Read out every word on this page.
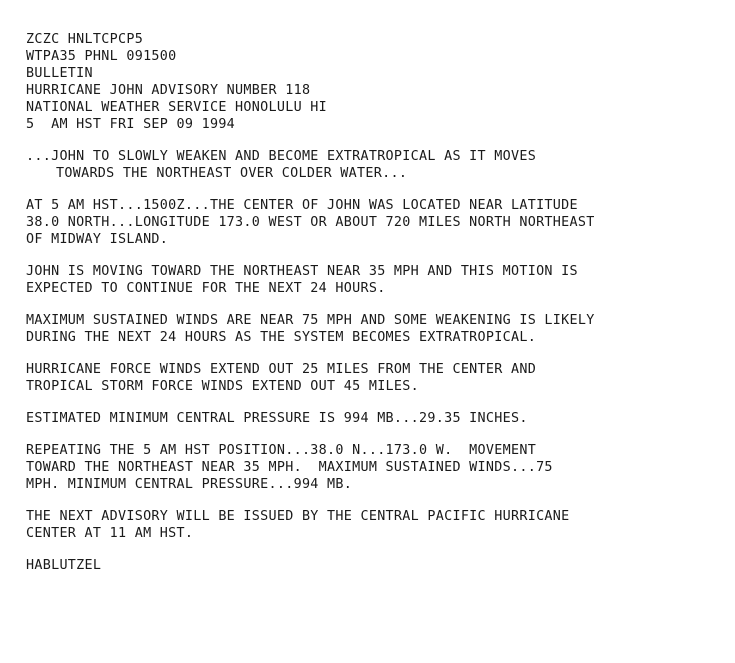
ZCZC HNLTCPCP5
WTPA35 PHNL 091500
BULLETIN
HURRICANE JOHN ADVISORY NUMBER 118
NATIONAL WEATHER SERVICE HONOLULU HI
5  AM HST FRI SEP 09 1994
...JOHN TO SLOWLY WEAKEN AND BECOME EXTRATROPICAL AS IT MOVES
TOWARDS THE NORTHEAST OVER COLDER WATER...
AT 5 AM HST...1500Z...THE CENTER OF JOHN WAS LOCATED NEAR LATITUDE
38.0 NORTH...LONGITUDE 173.0 WEST OR ABOUT 720 MILES NORTH NORTHEAST
OF MIDWAY ISLAND.
JOHN IS MOVING TOWARD THE NORTHEAST NEAR 35 MPH AND THIS MOTION IS
EXPECTED TO CONTINUE FOR THE NEXT 24 HOURS.
MAXIMUM SUSTAINED WINDS ARE NEAR 75 MPH AND SOME WEAKENING IS LIKELY
DURING THE NEXT 24 HOURS AS THE SYSTEM BECOMES EXTRATROPICAL.
HURRICANE FORCE WINDS EXTEND OUT 25 MILES FROM THE CENTER AND
TROPICAL STORM FORCE WINDS EXTEND OUT 45 MILES.
ESTIMATED MINIMUM CENTRAL PRESSURE IS 994 MB...29.35 INCHES.
REPEATING THE 5 AM HST POSITION...38.0 N...173.0 W.  MOVEMENT
TOWARD THE NORTHEAST NEAR 35 MPH.  MAXIMUM SUSTAINED WINDS...75
MPH. MINIMUM CENTRAL PRESSURE...994 MB.
THE NEXT ADVISORY WILL BE ISSUED BY THE CENTRAL PACIFIC HURRICANE
CENTER AT 11 AM HST.
HABLUTZEL
